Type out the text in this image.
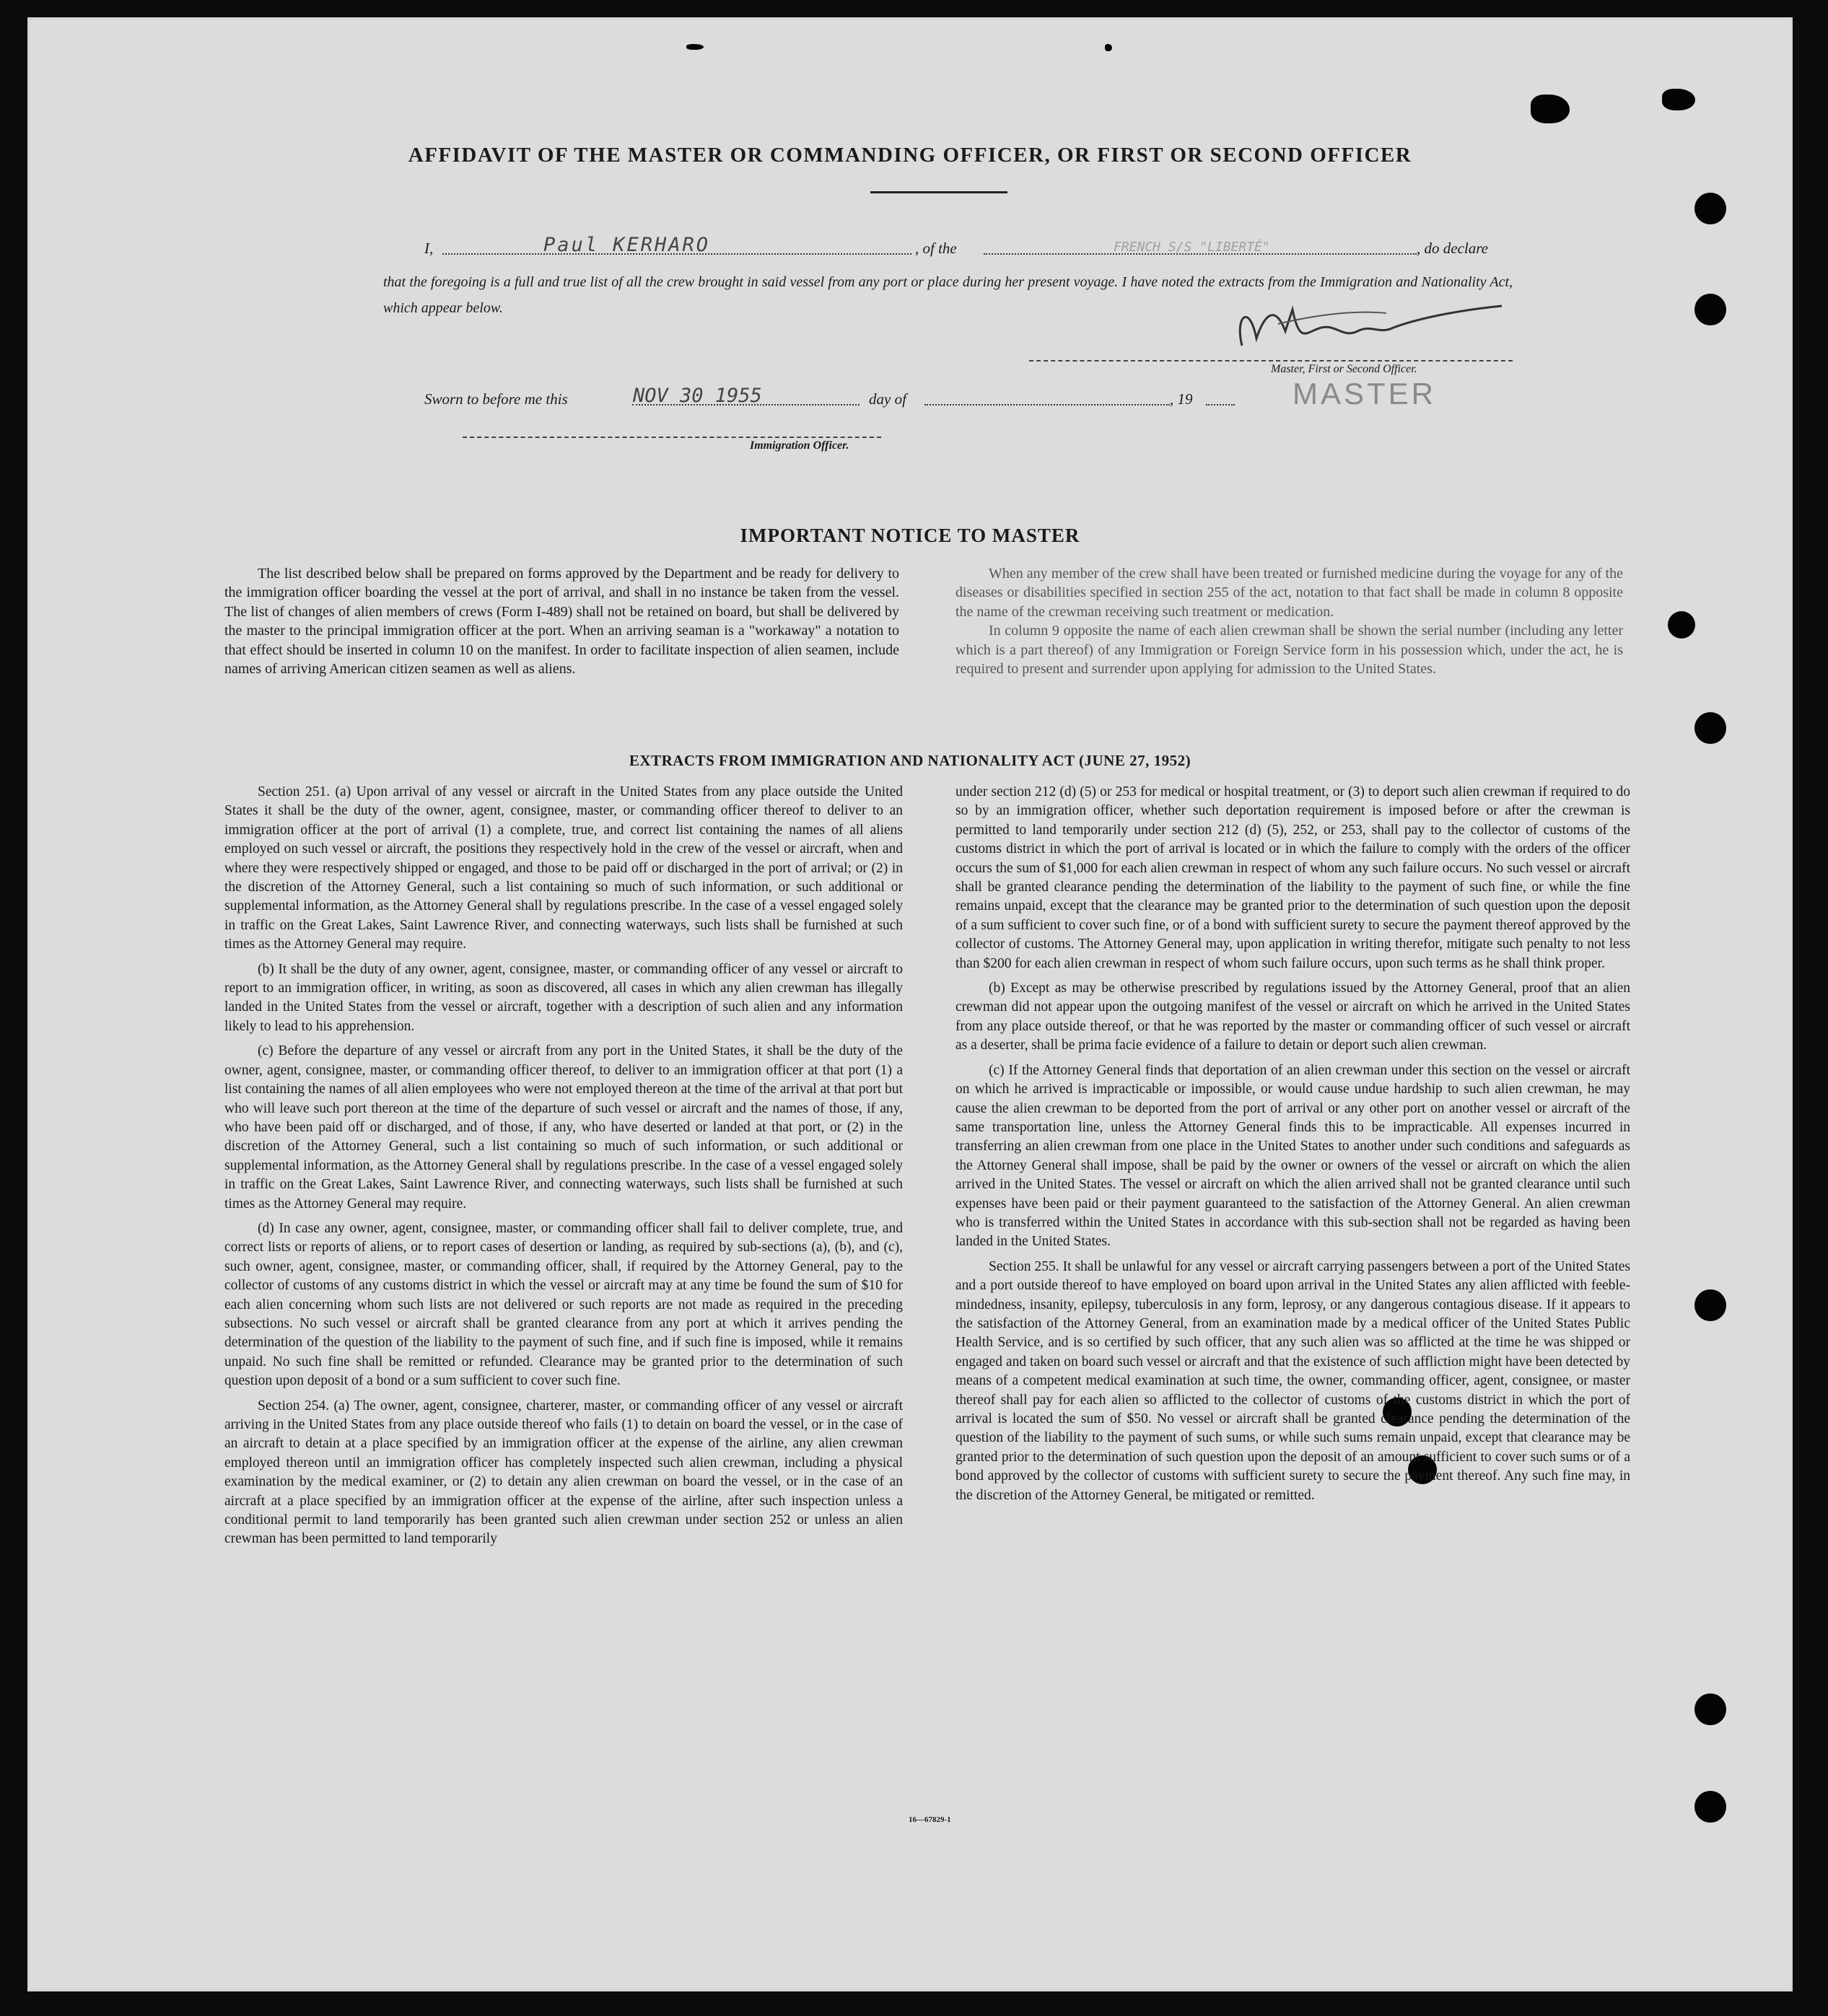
AFFIDAVIT OF THE MASTER OR COMMANDING OFFICER, OR FIRST OR SECOND OFFICER
I,	Paul KERHARO	, of the	FRENCH S/S "LIBERTÉ"	, do declare
that the foregoing is a full and true list of all the crew brought in said vessel from any port or place during her present voyage. I have noted the extracts from the Immigration and Nationality Act, which appear below.
Master, First or Second Officer.
MASTER
Sworn to before me this	NOV 30 1955	day of	, 19
Immigration Officer.
IMPORTANT NOTICE TO MASTER

The list described below shall be prepared on forms approved by the Department and be ready for delivery to the immigration officer boarding the vessel at the port of arrival, and shall in no instance be taken from the vessel. The list of changes of alien members of crews (Form I-489) shall not be retained on board, but shall be delivered by the master to the principal immigration officer at the port. When an arriving seaman is a "workaway" a notation to that effect should be inserted in column 10 on the manifest. In order to facilitate inspection of alien seamen, include names of arriving American citizen seamen as well as aliens.

When any member of the crew shall have been treated or furnished medicine during the voyage for any of the diseases or disabilities specified in section 255 of the act, notation to that fact shall be made in column 8 opposite the name of the crewman receiving such treatment or medication.

In column 9 opposite the name of each alien crewman shall be shown the serial number (including any letter which is a part thereof) of any Immigration or Foreign Service form in his possession which, under the act, he is required to present and surrender upon applying for admission to the United States.

EXTRACTS FROM IMMIGRATION AND NATIONALITY ACT (JUNE 27, 1952)

Section 251. (a) Upon arrival of any vessel or aircraft in the United States from any place outside the United States it shall be the duty of the owner, agent, consignee, master, or commanding officer thereof to deliver to an immigration officer at the port of arrival (1) a complete, true, and correct list containing the names of all aliens employed on such vessel or aircraft, the positions they respectively hold in the crew of the vessel or aircraft, when and where they were respectively shipped or engaged, and those to be paid off or discharged in the port of arrival; or (2) in the discretion of the Attorney General, such a list containing so much of such information, or such additional or supplemental information, as the Attorney General shall by regulations prescribe. In the case of a vessel engaged solely in traffic on the Great Lakes, Saint Lawrence River, and connecting waterways, such lists shall be furnished at such times as the Attorney General may require.

(b) It shall be the duty of any owner, agent, consignee, master, or commanding officer of any vessel or aircraft to report to an immigration officer, in writing, as soon as discovered, all cases in which any alien crewman has illegally landed in the United States from the vessel or aircraft, together with a description of such alien and any information likely to lead to his apprehension.

(c) Before the departure of any vessel or aircraft from any port in the United States, it shall be the duty of the owner, agent, consignee, master, or commanding officer thereof, to deliver to an immigration officer at that port (1) a list containing the names of all alien employees who were not employed thereon at the time of the arrival at that port but who will leave such port thereon at the time of the departure of such vessel or aircraft and the names of those, if any, who have been paid off or discharged, and of those, if any, who have deserted or landed at that port, or (2) in the discretion of the Attorney General, such a list containing so much of such information, or such additional or supplemental information, as the Attorney General shall by regulations prescribe. In the case of a vessel engaged solely in traffic on the Great Lakes, Saint Lawrence River, and connecting waterways, such lists shall be furnished at such times as the Attorney General may require.

(d) In case any owner, agent, consignee, master, or commanding officer shall fail to deliver complete, true, and correct lists or reports of aliens, or to report cases of desertion or landing, as required by sub-sections (a), (b), and (c), such owner, agent, consignee, master, or commanding officer, shall, if required by the Attorney General, pay to the collector of customs of any customs district in which the vessel or aircraft may at any time be found the sum of $10 for each alien concerning whom such lists are not delivered or such reports are not made as required in the preceding subsections. No such vessel or aircraft shall be granted clearance from any port at which it arrives pending the determination of the question of the liability to the payment of such fine, and if such fine is imposed, while it remains unpaid. No such fine shall be remitted or refunded. Clearance may be granted prior to the determination of such question upon deposit of a bond or a sum sufficient to cover such fine.

Section 254. (a) The owner, agent, consignee, charterer, master, or commanding officer of any vessel or aircraft arriving in the United States from any place outside thereof who fails (1) to detain on board the vessel, or in the case of an aircraft to detain at a place specified by an immigration officer at the expense of the airline, any alien crewman employed thereon until an immigration officer has completely inspected such alien crewman, including a physical examination by the medical examiner, or (2) to detain any alien crewman on board the vessel, or in the case of an aircraft at a place specified by an immigration officer at the expense of the airline, after such inspection unless a conditional permit to land temporarily has been granted such alien crewman under section 252 or unless an alien crewman has been permitted to land temporarily

under section 212 (d) (5) or 253 for medical or hospital treatment, or (3) to deport such alien crewman if required to do so by an immigration officer, whether such deportation requirement is imposed before or after the crewman is permitted to land temporarily under section 212 (d) (5), 252, or 253, shall pay to the collector of customs of the customs district in which the port of arrival is located or in which the failure to comply with the orders of the officer occurs the sum of $1,000 for each alien crewman in respect of whom any such failure occurs. No such vessel or aircraft shall be granted clearance pending the determination of the liability to the payment of such fine, or while the fine remains unpaid, except that the clearance may be granted prior to the determination of such question upon the deposit of a sum sufficient to cover such fine, or of a bond with sufficient surety to secure the payment thereof approved by the collector of customs. The Attorney General may, upon application in writing therefor, mitigate such penalty to not less than $200 for each alien crewman in respect of whom such failure occurs, upon such terms as he shall think proper.

(b) Except as may be otherwise prescribed by regulations issued by the Attorney General, proof that an alien crewman did not appear upon the outgoing manifest of the vessel or aircraft on which he arrived in the United States from any place outside thereof, or that he was reported by the master or commanding officer of such vessel or aircraft as a deserter, shall be prima facie evidence of a failure to detain or deport such alien crewman.

(c) If the Attorney General finds that deportation of an alien crewman under this section on the vessel or aircraft on which he arrived is impracticable or impossible, or would cause undue hardship to such alien crewman, he may cause the alien crewman to be deported from the port of arrival or any other port on another vessel or aircraft of the same transportation line, unless the Attorney General finds this to be impracticable. All expenses incurred in transferring an alien crewman from one place in the United States to another under such conditions and safeguards as the Attorney General shall impose, shall be paid by the owner or owners of the vessel or aircraft on which the alien arrived in the United States. The vessel or aircraft on which the alien arrived shall not be granted clearance until such expenses have been paid or their payment guaranteed to the satisfaction of the Attorney General. An alien crewman who is transferred within the United States in accordance with this sub-section shall not be regarded as having been landed in the United States.

Section 255. It shall be unlawful for any vessel or aircraft carrying passengers between a port of the United States and a port outside thereof to have employed on board upon arrival in the United States any alien afflicted with feeble-mindedness, insanity, epilepsy, tuberculosis in any form, leprosy, or any dangerous contagious disease. If it appears to the satisfaction of the Attorney General, from an examination made by a medical officer of the United States Public Health Service, and is so certified by such officer, that any such alien was so afflicted at the time he was shipped or engaged and taken on board such vessel or aircraft and that the existence of such affliction might have been detected by means of a competent medical examination at such time, the owner, commanding officer, agent, consignee, or master thereof shall pay for each alien so afflicted to the collector of customs of the customs district in which the port of arrival is located the sum of $50. No vessel or aircraft shall be granted clearance pending the determination of the question of the liability to the payment of such sums, or while such sums remain unpaid, except that clearance may be granted prior to the determination of such question upon the deposit of an amount sufficient to cover such sums or of a bond approved by the collector of customs with sufficient surety to secure the payment thereof. Any such fine may, in the discretion of the Attorney General, be mitigated or remitted.

16—67829-1
